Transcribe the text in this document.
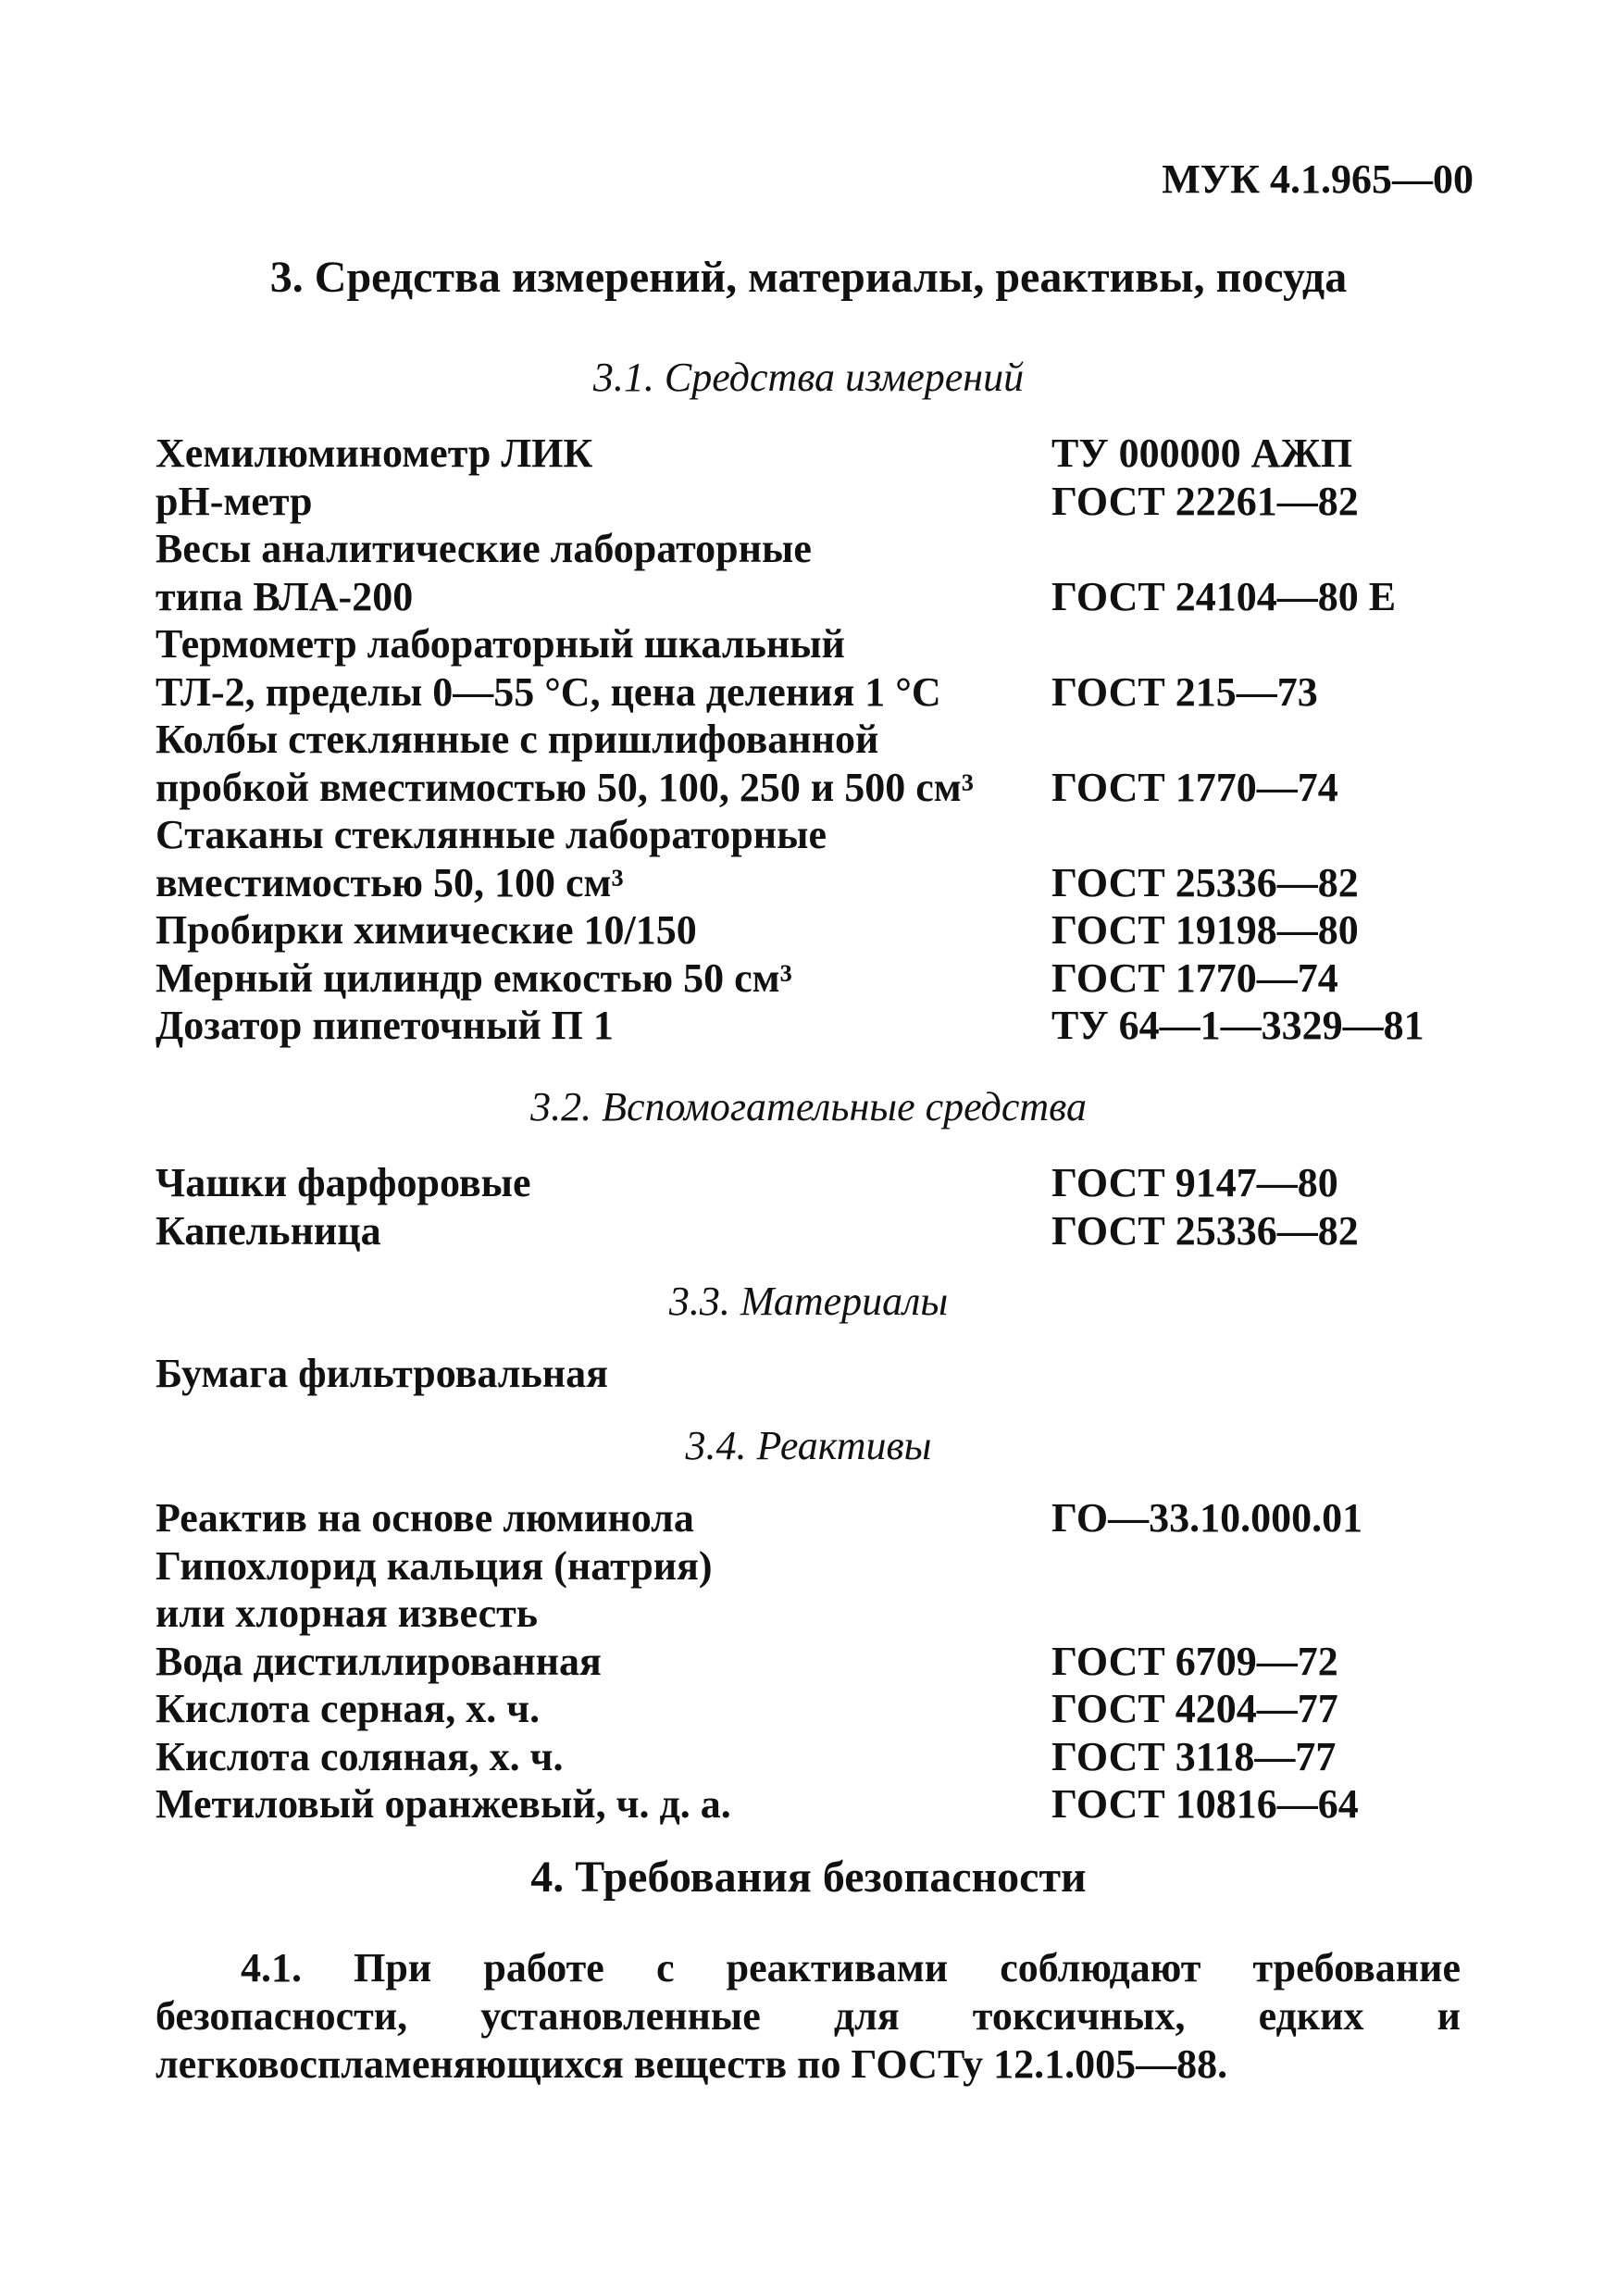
МУК 4.1.965—00
3. Средства измерений, материалы, реактивы, посуда
3.1. Средства измерений
Хемилюминометр ЛИК	ТУ 000000 АЖП
рН-метр	ГОСТ 22261—82
Весы аналитические лабораторные
типа ВЛА-200	ГОСТ 24104—80 Е
Термометр лабораторный шкальный
ТЛ-2, пределы 0—55 °С, цена деления 1 °С	ГОСТ 215—73
Колбы стеклянные с пришлифованной
пробкой вместимостью 50, 100, 250 и 500 см³	ГОСТ 1770—74
Стаканы стеклянные лабораторные
вместимостью 50, 100 см³	ГОСТ 25336—82
Пробирки химические 10/150	ГОСТ 19198—80
Мерный цилиндр емкостью 50 см³	ГОСТ 1770—74
Дозатор пипеточный П 1	ТУ 64—1—3329—81
3.2. Вспомогательные средства
Чашки фарфоровые	ГОСТ 9147—80
Капельница	ГОСТ 25336—82
3.3. Материалы
Бумага фильтровальная
3.4. Реактивы
Реактив на основе люминола	ГО—33.10.000.01
Гипохлорид кальция (натрия)
или хлорная известь
Вода дистиллированная	ГОСТ 6709—72
Кислота серная, х. ч.	ГОСТ 4204—77
Кислота соляная, х. ч.	ГОСТ 3118—77
Метиловый оранжевый, ч. д. а.	ГОСТ 10816—64
4. Требования безопасности
4.1. При работе с реактивами соблюдают требование безопасности, установленные для токсичных, едких и легковоспламеняющихся веществ по ГОСТу 12.1.005—88.
